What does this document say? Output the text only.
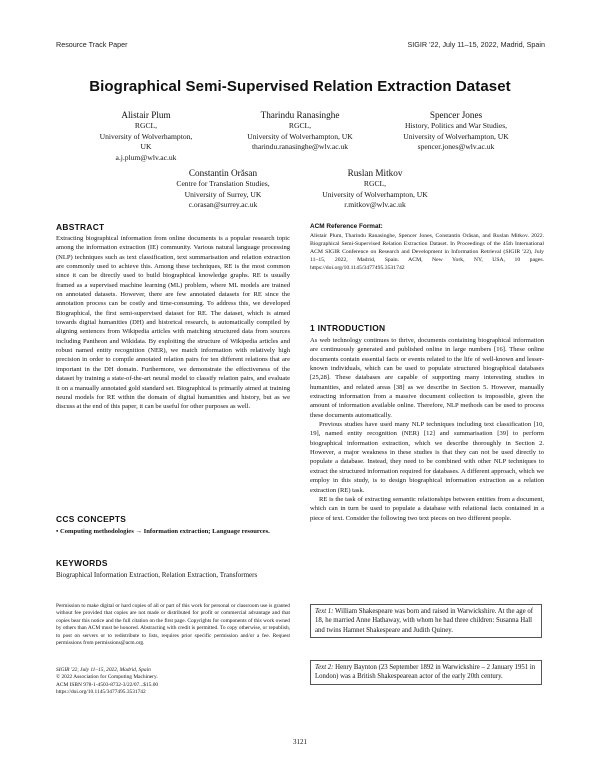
Resource Track Paper	SIGIR '22, July 11–15, 2022, Madrid, Spain
Biographical Semi-Supervised Relation Extraction Dataset
Alistair Plum
RGCL,
University of Wolverhampton, UK
a.j.plum@wlv.ac.uk
Tharindu Ranasinghe
RGCL,
University of Wolverhampton, UK
tharindu.ranasinghe@wlv.ac.uk
Spencer Jones
History, Politics and War Studies,
University of Wolverhampton, UK
spencer.jones@wlv.ac.uk
Constantin Orăsan
Centre for Translation Studies,
University of Surrey, UK
c.orasan@surrey.ac.uk
Ruslan Mitkov
RGCL,
University of Wolverhampton, UK
r.mitkov@wlv.ac.uk
ABSTRACT

Extracting biographical information from online documents is a popular research topic among the information extraction (IE) community. Various natural language processing (NLP) techniques such as text classification, text summarisation and relation extraction are commonly used to achieve this. Among these techniques, RE is the most common since it can be directly used to build biographical knowledge graphs. RE is usually framed as a supervised machine learning (ML) problem, where ML models are trained on annotated datasets. However, there are few annotated datasets for RE since the annotation process can be costly and time-consuming. To address this, we developed Biographical, the first semi-supervised dataset for RE. The dataset, which is aimed towards digital humanities (DH) and historical research, is automatically compiled by aligning sentences from Wikipedia articles with matching structured data from sources including Pantheon and Wikidata. By exploiting the structure of Wikipedia articles and robust named entity recognition (NER), we match information with relatively high precision in order to compile annotated relation pairs for ten different relations that are important in the DH domain. Furthermore, we demonstrate the effectiveness of the dataset by training a state-of-the-art neural model to classify relation pairs, and evaluate it on a manually annotated gold standard set. Biographical is primarily aimed at training neural models for RE within the domain of digital humanities and history, but as we discuss at the end of this paper, it can be useful for other purposes as well.

CCS CONCEPTS

• Computing methodologies → Information extraction; Language resources.

KEYWORDS

Biographical Information Extraction, Relation Extraction, Transformers

Permission to make digital or hard copies of all or part of this work for personal or classroom use is granted without fee provided that copies are not made or distributed for profit or commercial advantage and that copies bear this notice and the full citation on the first page. Copyrights for components of this work owned by others than ACM must be honored. Abstracting with credit is permitted. To copy otherwise, or republish, to post on servers or to redistribute to lists, requires prior specific permission and/or a fee. Request permissions from permissions@acm.org.
SIGIR '22, July 11–15, 2022, Madrid, Spain
© 2022 Association for Computing Machinery.
ACM ISBN 978-1-4503-8732-3/22/07...$15.00
https://doi.org/10.1145/3477495.3531742
ACM Reference Format:

Alistair Plum, Tharindu Ranasinghe, Spencer Jones, Constantin Orăsan, and Ruslan Mitkov. 2022. Biographical Semi-Supervised Relation Extraction Dataset. In Proceedings of the 45th International ACM SIGIR Conference on Research and Development in Information Retrieval (SIGIR '22), July 11–15, 2022, Madrid, Spain. ACM, New York, NY, USA, 10 pages. https://doi.org/10.1145/3477495.3531742

1 INTRODUCTION

As web technology continues to thrive, documents containing biographical information are continuously generated and published online in large numbers [16]. These online documents contain essential facts or events related to the life of well-known and lesser-known individuals, which can be used to populate structured biographical databases [25,28]. These databases are capable of supporting many interesting studies in humanities, and related areas [38] as we describe in Section 5. However, manually extracting information from a massive document collection is impossible, given the amount of information available online. Therefore, NLP methods can be used to process these documents automatically.

Previous studies have used many NLP techniques including text classification [10, 19], named entity recognition (NER) [12] and summarisation [39] to perform biographical information extraction, which we describe thoroughly in Section 2. However, a major weakness in these studies is that they can not be used directly to populate a database. Instead, they need to be combined with other NLP techniques to extract the structured information required for databases. A different approach, which we employ in this study, is to design biographical information extraction as a relation extraction (RE) task.

RE is the task of extracting semantic relationships between entities from a document, which can in turn be used to populate a database with relational facts contained in a piece of text. Consider the following two text pieces on two different people.

Text 1: William Shakespeare was born and raised in Warwickshire. At the age of 18, he married Anne Hathaway, with whom he had three children: Susanna Hall and twins Hamnet Shakespeare and Judith Quiney.
Text 2: Henry Baynton (23 September 1892 in Warwickshire – 2 January 1951 in London) was a British Shakespearean actor of the early 20th century.
3121
